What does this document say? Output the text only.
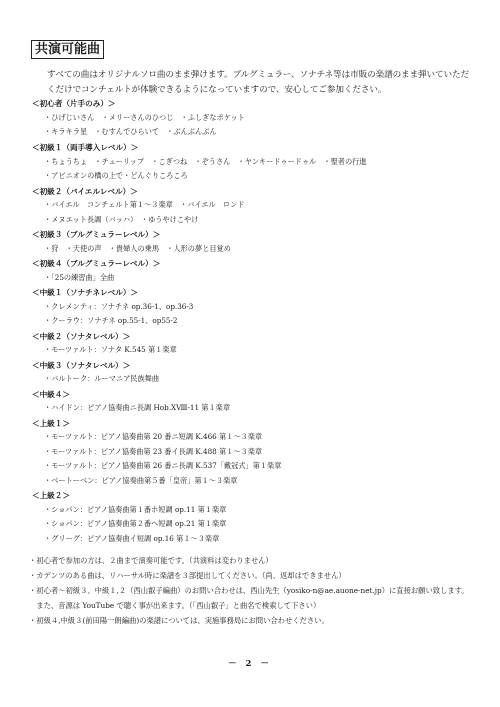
共演可能曲
すべての曲はオリジナルソロ曲のまま弾けます。ブルグミュラー、ソナチネ等は市販の楽譜のまま弾いていただくだけでコンチェルトが体験できるようになっていますので、安心してご参加ください。
＜初心者（片手のみ）＞
・ひげじいさん　・メリーさんのひつじ　・ふしぎなポケット
・キラキラ星　・むすんでひらいて　・ぶんぶんぶん
＜初級１（両手導入レベル）＞
・ちょうちょ　・チューリップ　・こぎつね　・ぞうさん　・ヤンキードゥードゥル　・聖者の行進
・アビニオンの橋の上で・どんぐりころころ
＜初級２（バイエルレベル）＞
・バイエル　コンチェルト第１～３楽章　・バイエル　ロンド
・メヌエット長調（バッハ）　・ゆうやけこやけ
＜初級３（ブルグミュラーレベル）＞
・狩　・天使の声　・貴婦人の乗馬　・人形の夢と目覚め
＜初級４（ブルグミュラーレベル）＞
・「25の練習曲」全曲
＜中級１（ソナチネレベル）＞
・クレメンティ：ソナチネ op.36-1、op.36-3
・クーラウ：ソナチネ op.55-1、op55-2
＜中級２（ソナタレベル）＞
・モーツァルト：ソナタ K.545 第１楽章
＜中級３（ソナタレベル）＞
・バルトーク：ルーマニア民族舞曲
＜中級４＞
・ハイドン：ピアノ協奏曲ニ長調 Hob.ⅩⅧ-11 第１楽章
＜上級１＞
・モーツァルト：ピアノ協奏曲第 20 番ニ短調 K.466 第１～３楽章
・モーツァルト：ピアノ協奏曲第 23 番イ長調 K.488 第１～３楽章
・モーツァルト：ピアノ協奏曲第 26 番ニ長調 K.537「戴冠式」第１楽章
・ベートーベン：ピアノ協奏曲第５番「皇帝」第１～３楽章
＜上級２＞
・ショパン：ピアノ協奏曲第１番ホ短調 op.11 第１楽章
・ショパン：ピアノ協奏曲第２番ヘ短調 op.21 第１楽章
・グリーグ：ピアノ協奏曲イ短調 op.16 第１～３楽章
・初心者で参加の方は、２曲まで演奏可能です。（共演料は変わりません）
・カデンツのある曲は、リハーサル時に楽譜を３部提出してください。（尚、返却はできません）
・初心者～初級３、中級１,２（西山叡子編曲）のお問い合わせは、西山先生（yosiko-n@ae.auone-net.jp）に直接お願い致します。
　また、音源は YouTube で聴く事が出来ます。（「西山叡子」と曲名で検索して下さい）
・初級４,中級３(前田陽一朗編曲)の楽譜については、実施事務局にお問い合わせください。
－ 2 －
